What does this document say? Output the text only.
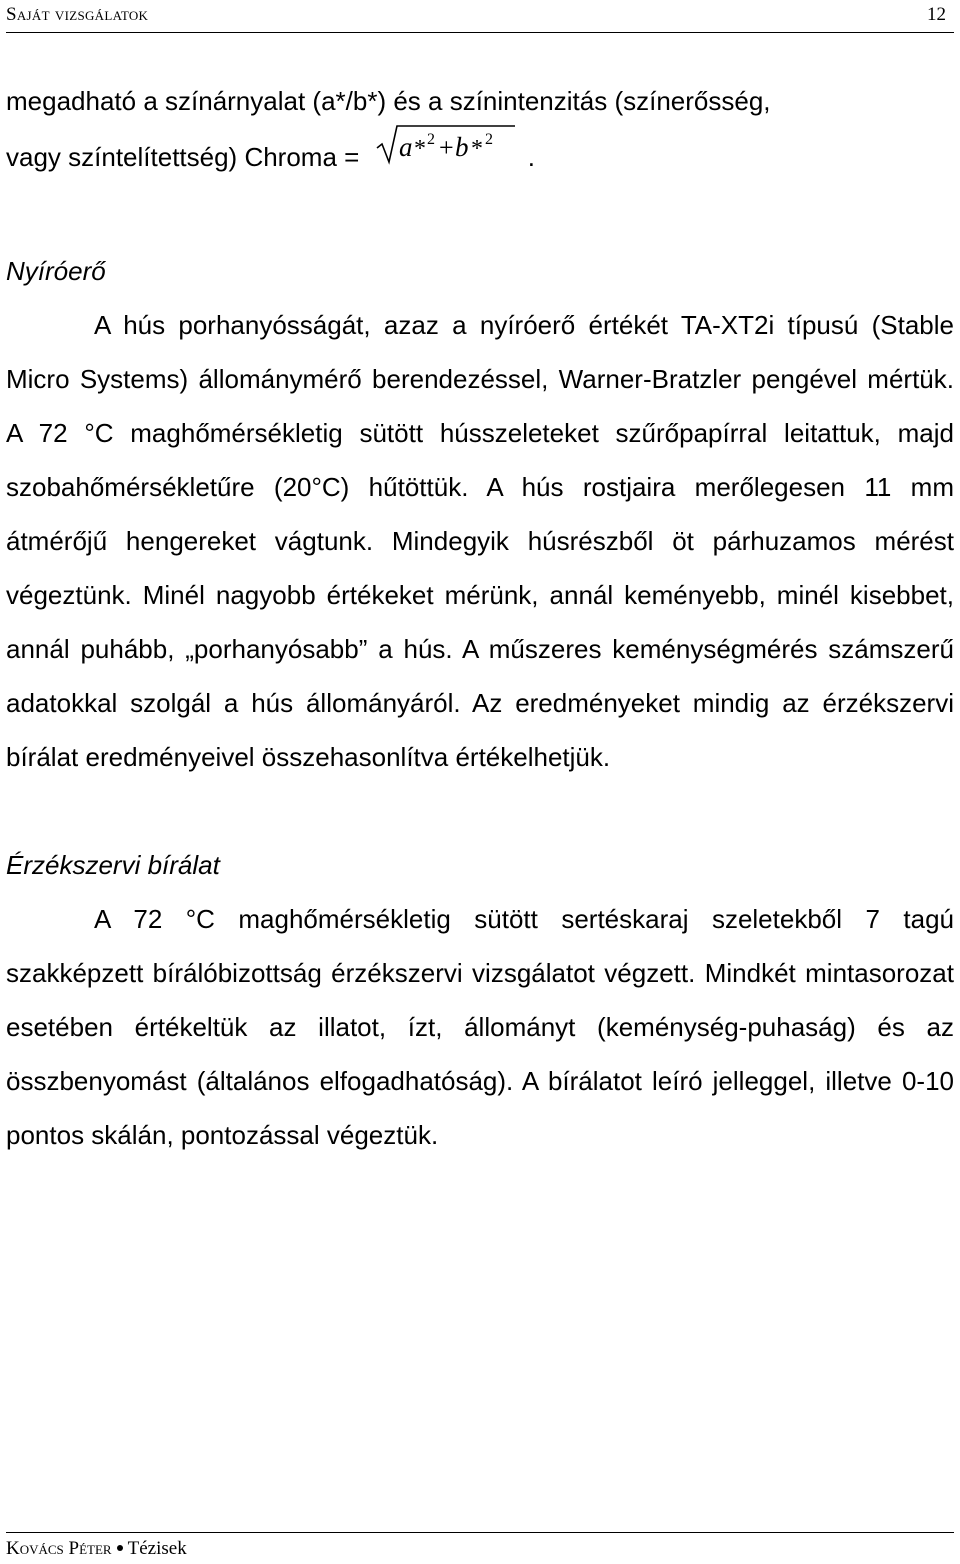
Saját vizsgálatok	12

megadható a színárnyalat (a*/b*) és a színintenzitás (színerősség,

vagy színtelítettség) Chroma = a * 2 + b * 2
.

Nyíróerő

A hús porhanyósságát, azaz a nyíróerő értékét TA-XT2i típusú (Stable Micro Systems) állománymérő berendezéssel, Warner-Bratzler pengével mértük. A 72 °C maghőmérsékletig sütött hússzeleteket szűrőpapírral leitattuk, majd szobahőmérsékletűre (20°C) hűtöttük. A hús rostjaira merőlegesen 11 mm átmérőjű hengereket vágtunk. Mindegyik húsrészből öt párhuzamos mérést végeztünk. Minél nagyobb értékeket mérünk, annál keményebb, minél kisebbet, annál puhább, „porhanyósabb” a hús. A műszeres keménységmérés számszerű adatokkal szolgál a hús állományáról. Az eredményeket mindig az érzékszervi bírálat eredményeivel összehasonlítva értékelhetjük.

Érzékszervi bírálat

A 72 °C maghőmérsékletig sütött sertéskaraj szeletekből 7 tagú szakképzett bírálóbizottság érzékszervi vizsgálatot végzett. Mindkét mintasorozat esetében értékeltük az illatot, ízt, állományt (keménység-puhaság) és az összbenyomást (általános elfogadhatóság). A bírálatot leíró jelleggel, illetve 0-10 pontos skálán, pontozással végeztük.

Kovács Péter Tézisek
